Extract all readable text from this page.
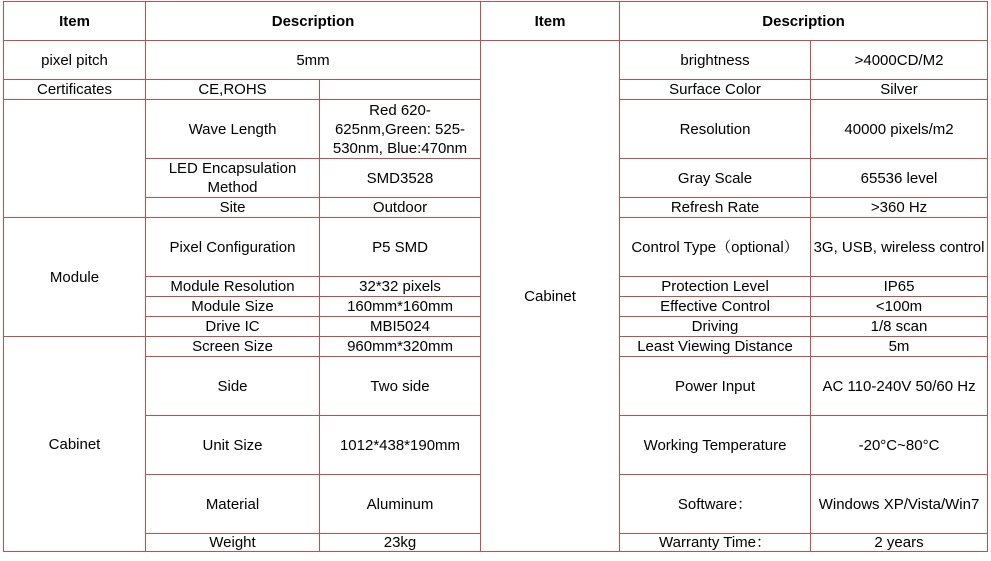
Item	Description		Item	Description	
pixel pitch	5mm		Cabinet	brightness	>4000CD/M2
Certificates	CE,ROHS			Surface Color	Silver
	Wave Length	Red 620-625nm,Green: 525-530nm, Blue:470nm		Resolution	40000 pixels/m2
	LED Encapsulation Method	SMD3528		Gray Scale	65536 level
	Site	Outdoor		Refresh Rate	>360 Hz
Module	Pixel Configuration	P5 SMD		Control Type（optional）	3G, USB, wireless control
	Module Resolution	32*32 pixels		Protection Level	IP65
	Module Size	160mm*160mm		Effective Control	<100m
	Drive IC	MBI5024		Driving	1/8 scan
Cabinet	Screen Size	960mm*320mm		Least Viewing Distance	5m
	Side	Two side		Power Input	AC 110-240V 50/60 Hz
	Unit Size	1012*438*190mm		Working Temperature	-20°C~80°C
	Material	Aluminum		Software：	Windows XP/Vista/Win7
	Weight	23kg		Warranty Time：	2 years
